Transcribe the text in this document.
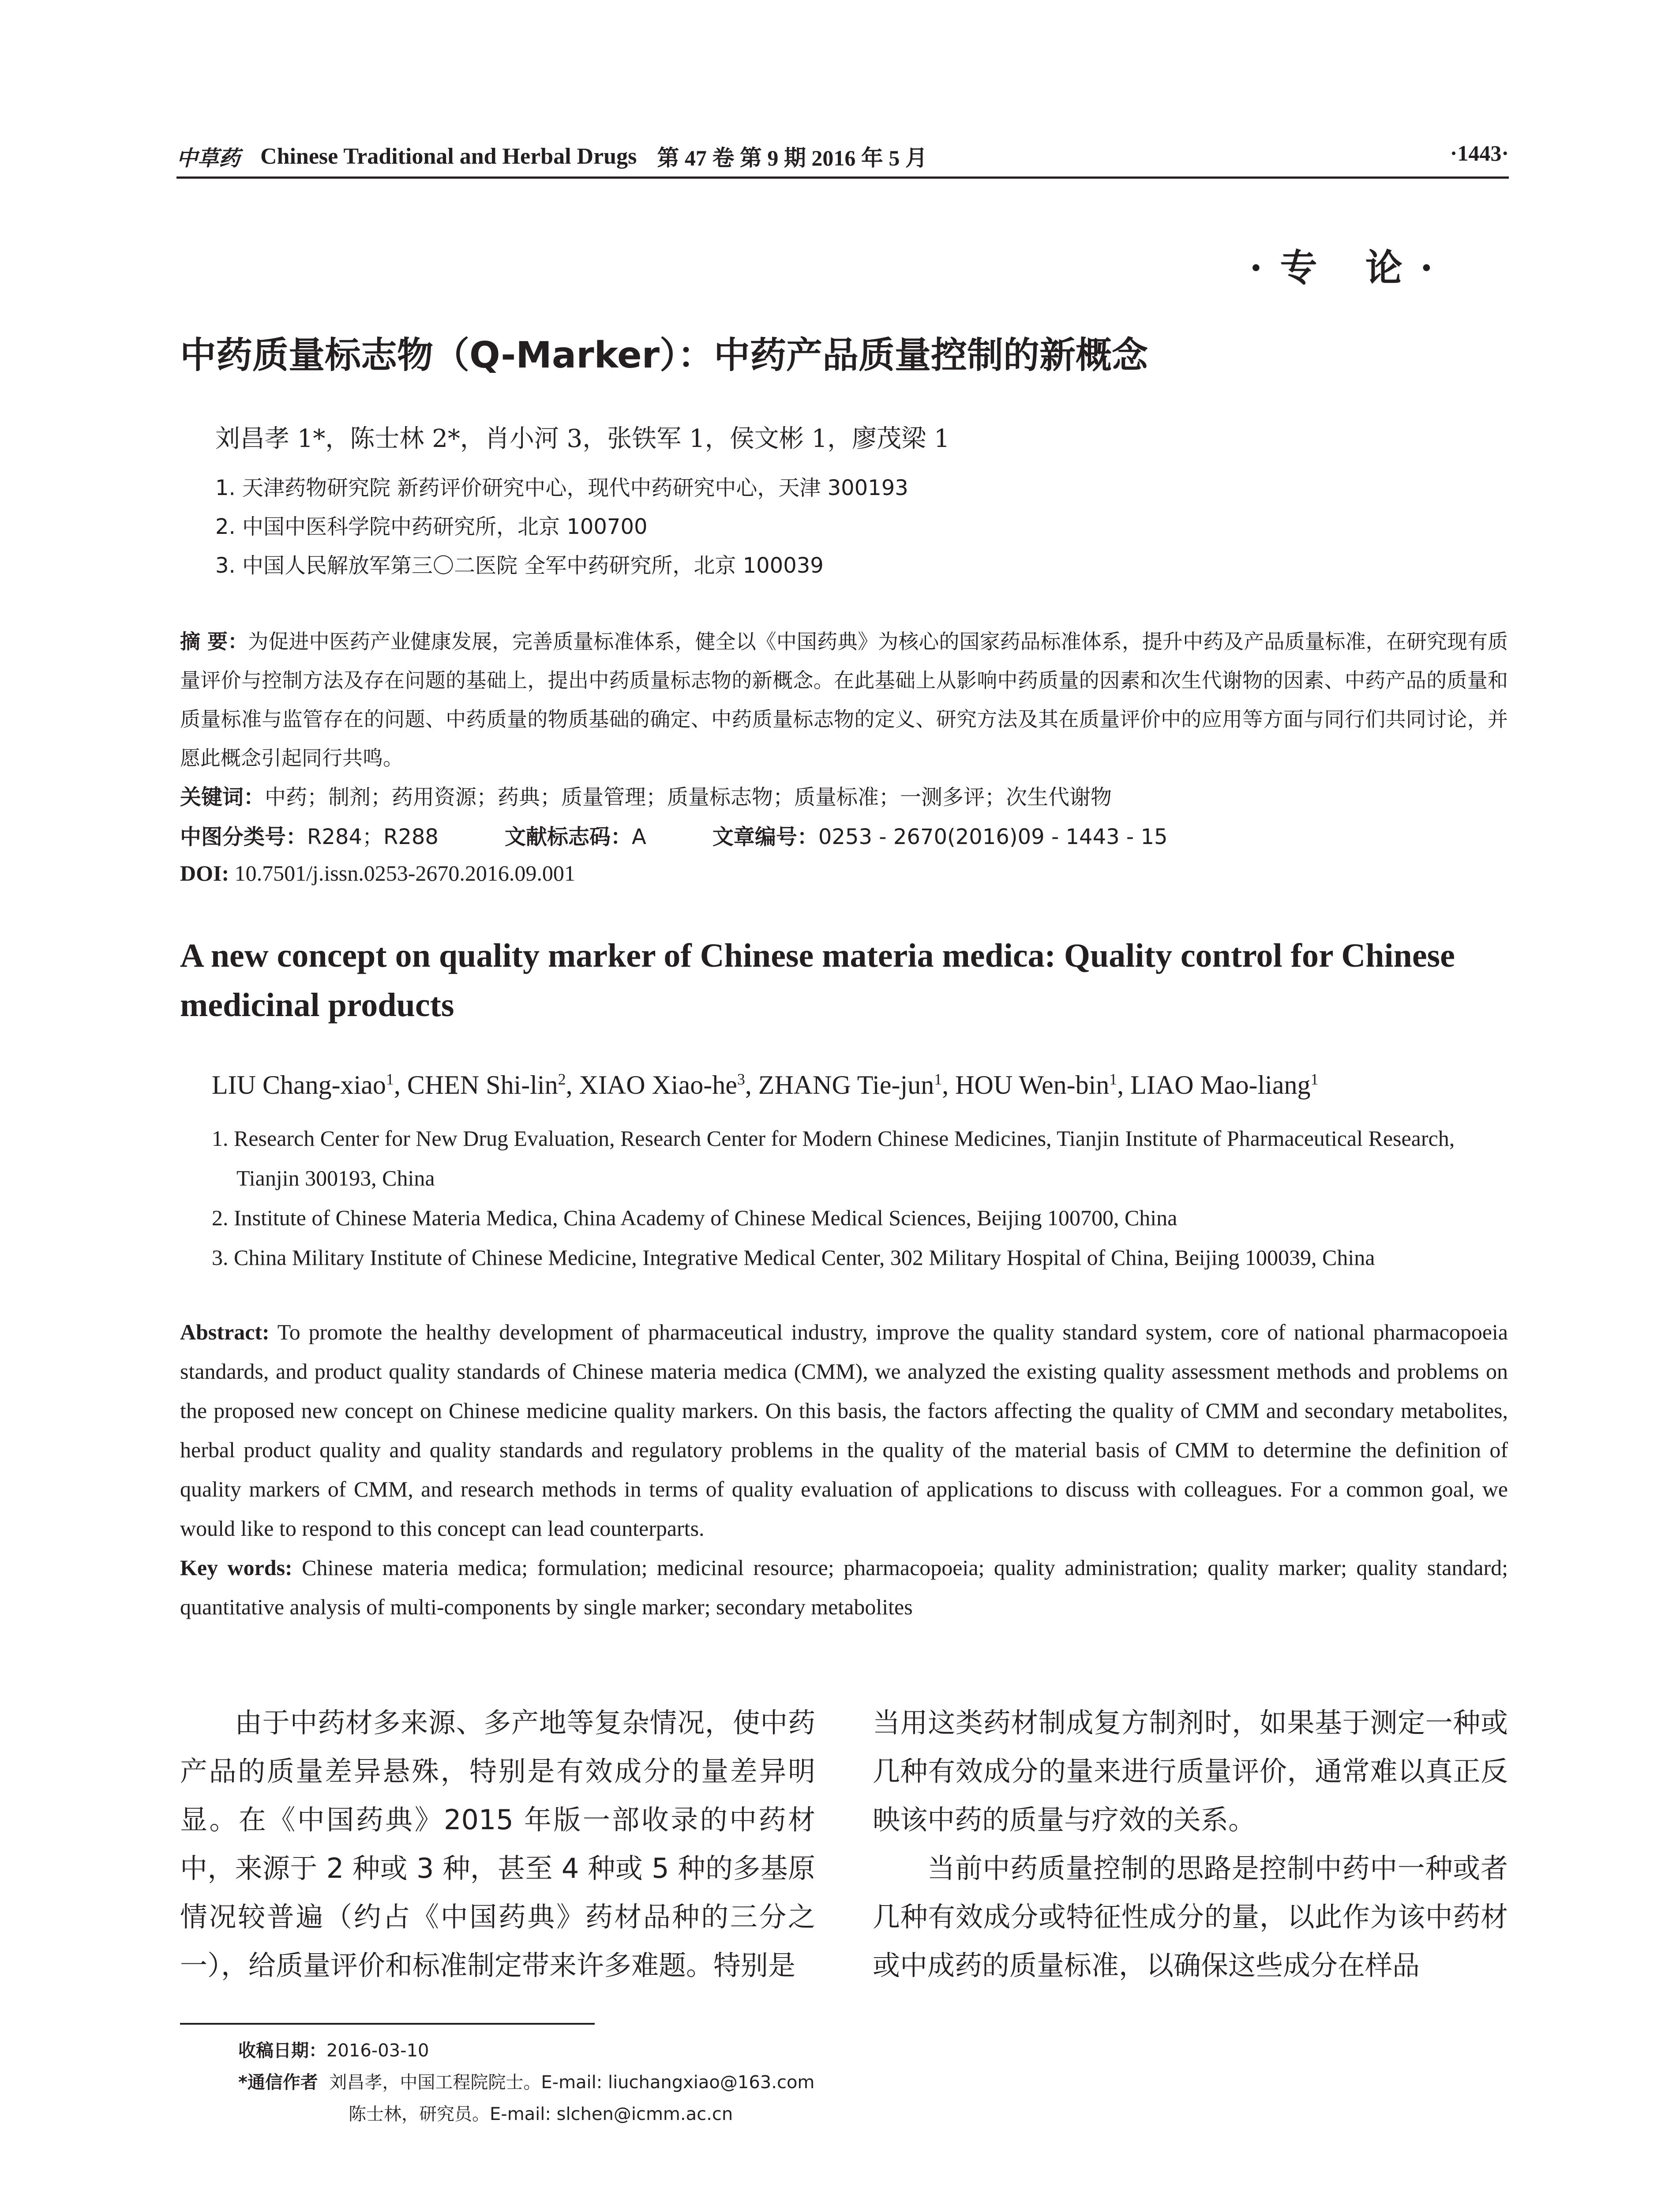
中草药 Chinese Traditional and Herbal Drugs 第 47 卷 第 9 期 2016 年 5 月	·1443·
·专 论·
中药质量标志物（Q-Marker）：中药产品质量控制的新概念
刘昌孝 1*，陈士林 2*，肖小河 3，张铁军 1，侯文彬 1，廖茂梁 1
1. 天津药物研究院 新药评价研究中心，现代中药研究中心，天津 300193
2. 中国中医科学院中药研究所，北京 100700
3. 中国人民解放军第三〇二医院 全军中药研究所，北京 100039
摘 要：为促进中医药产业健康发展，完善质量标准体系，健全以《中国药典》为核心的国家药品标准体系，提升中药及产品质量标准，在研究现有质量评价与控制方法及存在问题的基础上，提出中药质量标志物的新概念。在此基础上从影响中药质量的因素和次生代谢物的因素、中药产品的质量和质量标准与监管存在的问题、中药质量的物质基础的确定、中药质量标志物的定义、研究方法及其在质量评价中的应用等方面与同行们共同讨论，并愿此概念引起同行共鸣。
关键词：中药；制剂；药用资源；药典；质量管理；质量标志物；质量标准；一测多评；次生代谢物
中图分类号：R284；R288	文献标志码：A	文章编号：0253 - 2670(2016)09 - 1443 - 15
DOI: 10.7501/j.issn.0253-2670.2016.09.001
A new concept on quality marker of Chinese materia medica: Quality control for Chinese medicinal products
LIU Chang-xiao$^1$, CHEN Shi-lin$^2$, XIAO Xiao-$he^3$, ZHANG Tie-jun$^1$, HOU Wen-bin$^1$, LIAO Mao-liang$^1$
1. Research Center for New Drug Evaluation, Research Center for Modern Chinese Medicines, Tianjin Institute of Pharmaceutical Research, Tianjin 300193, China
2. Institute of Chinese Materia Medica, China Academy of Chinese Medical Sciences, Beijing 100700, China
3. China Military Institute of Chinese Medicine, Integrative Medical Center, 302 Military Hospital of China, Beijing 100039, China
Abstract: To promote the healthy development of pharmaceutical industry, improve the quality standard system, core of national pharmacopoeia standards, and product quality standards of Chinese materia medica (CMM), we analyzed the existing quality assessment methods and problems on the proposed new concept on Chinese medicine quality markers. On this basis, the factors affecting the quality of CMM and secondary metabolites, herbal product quality and quality standards and regulatory problems in the quality of the material basis of CMM to determine the definition of quality markers of CMM, and research methods in terms of quality evaluation of applications to discuss with colleagues. For a common goal, we would like to respond to this concept can lead counterparts.
Key words: Chinese materia medica; formulation; medicinal resource; pharmacopoeia; quality administration; quality marker; quality standard; quantitative analysis of multi-components by single marker; secondary metabolites

由于中药材多来源、多产地等复杂情况，使中药产品的质量差异悬殊，特别是有效成分的量差异明显。在《中国药典》2015 年版一部收录的中药材中，来源于 2 种或 3 种，甚至 4 种或 5 种的多基原情况较普遍（约占《中国药典》药材品种的三分之一），给质量评价和标准制定带来许多难题。特别是

当用这类药材制成复方制剂时，如果基于测定一种或几种有效成分的量来进行质量评价，通常难以真正反映该中药的质量与疗效的关系。

当前中药质量控制的思路是控制中药中一种或者几种有效成分或特征性成分的量，以此作为该中药材或中成药的质量标准，以确保这些成分在样品

收稿日期：2016-03-10
*通信作者 刘昌孝，中国工程院院士。E-mail: liuchangxiao@163.com
陈士林，研究员。E-mail: slchen@icmm.ac.cn
